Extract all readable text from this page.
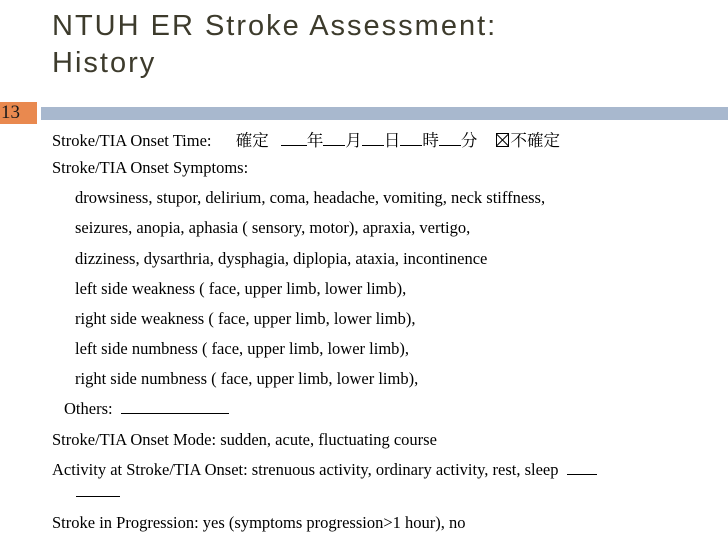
NTUH ER Stroke Assessment:
History
13
Stroke/TIA Onset Time: 確定 年 月 日 時 分 不確定
Stroke/TIA Onset Symptoms:
drowsiness, stupor, delirium, coma, headache, vomiting, neck stiffness,
seizures, anopia, aphasia ( sensory, motor), apraxia, vertigo,
dizziness, dysarthria, dysphagia, diplopia, ataxia, incontinence
left side weakness ( face, upper limb, lower limb),
right side weakness ( face, upper limb, lower limb),
left side numbness ( face, upper limb, lower limb),
right side numbness ( face, upper limb, lower limb),
Others:
Stroke/TIA Onset Mode: sudden, acute, fluctuating course
Activity at Stroke/TIA Onset: strenuous activity, ordinary activity, rest, sleep
Stroke in Progression: yes (symptoms progression>1 hour), no
